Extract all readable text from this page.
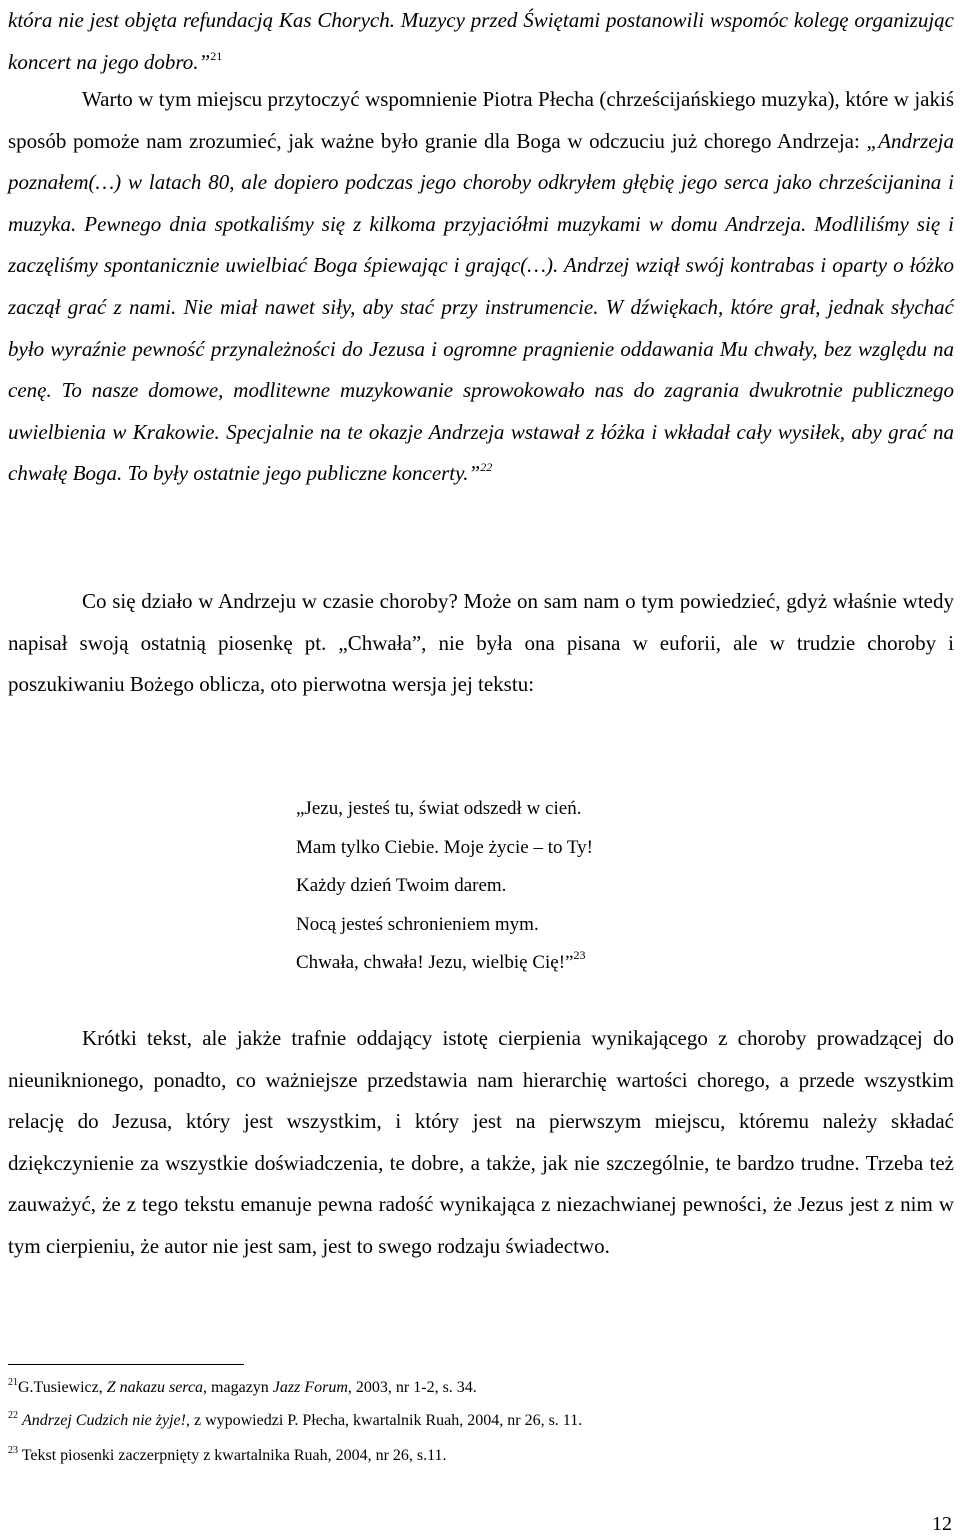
która nie jest objęta refundacją Kas Chorych. Muzycy przed Świętami postanowili wspomóc kolegę organizując koncert na jego dobro.”$^{21}$

Warto w tym miejscu przytoczyć wspomnienie Piotra Płecha (chrześcijańskiego muzyka), które w jakiś sposób pomoże nam zrozumieć, jak ważne było granie dla Boga w odczuciu już chorego Andrzeja: „Andrzeja poznałem(…) w latach 80, ale dopiero podczas jego choroby odkryłem głębię jego serca jako chrześcijanina i muzyka. Pewnego dnia spotkaliśmy się z kilkoma przyjaciółmi muzykami w domu Andrzeja. Modliliśmy się i zaczęliśmy spontanicznie uwielbiać Boga śpiewając i grając(…). Andrzej wziął swój kontrabas i oparty o łóżko zaczął grać z nami. Nie miał nawet siły, aby stać przy instrumencie. W dźwiękach, które grał, jednak słychać było wyraźnie pewność przynależności do Jezusa i ogromne pragnienie oddawania Mu chwały, bez względu na cenę. To nasze domowe, modlitewne muzykowanie sprowokowało nas do zagrania dwukrotnie publicznego uwielbienia w Krakowie. Specjalnie na te okazje Andrzeja wstawał z łóżka i wkładał cały wysiłek, aby grać na chwałę Boga. To były ostatnie jego publiczne koncerty.”$^{22}$

Co się działo w Andrzeju w czasie choroby? Może on sam nam o tym powiedzieć, gdyż właśnie wtedy napisał swoją ostatnią piosenkę pt. „Chwała”, nie była ona pisana w euforii, ale w trudzie choroby i poszukiwaniu Bożego oblicza, oto pierwotna wersja jej tekstu:

Krótki tekst, ale jakże trafnie oddający istotę cierpienia wynikającego z choroby prowadzącej do nieuniknionego, ponadto, co ważniejsze przedstawia nam hierarchię wartości chorego, a przede wszystkim relację do Jezusa, który jest wszystkim, i który jest na pierwszym miejscu, któremu należy składać dziękczynienie za wszystkie doświadczenia, te dobre, a także, jak nie szczególnie, te bardzo trudne. Trzeba też zauważyć, że z tego tekstu emanuje pewna radość wynikająca z niezachwianej pewności, że Jezus jest z nim w tym cierpieniu, że autor nie jest sam, jest to swego rodzaju świadectwo.

„Jezu, jesteś tu, świat odszedł w cień.
Mam tylko Ciebie. Moje życie – to Ty!
Każdy dzień Twoim darem.
Nocą jesteś schronieniem mym.
Chwała, chwała! Jezu, wielbię Cię!”$^{23}$
$^{21}$G.Tusiewicz, Z nakazu serca, magazyn Jazz Forum, 2003, nr 1-2, s. 34.
$^{22}$ Andrzej Cudzich nie żyje!, z wypowiedzi P. Płecha, kwartalnik Ruah, 2004, nr 26, s. 11.
$^{23}$ Tekst piosenki zaczerpnięty z kwartalnika Ruah, 2004, nr 26, s.11.
12
